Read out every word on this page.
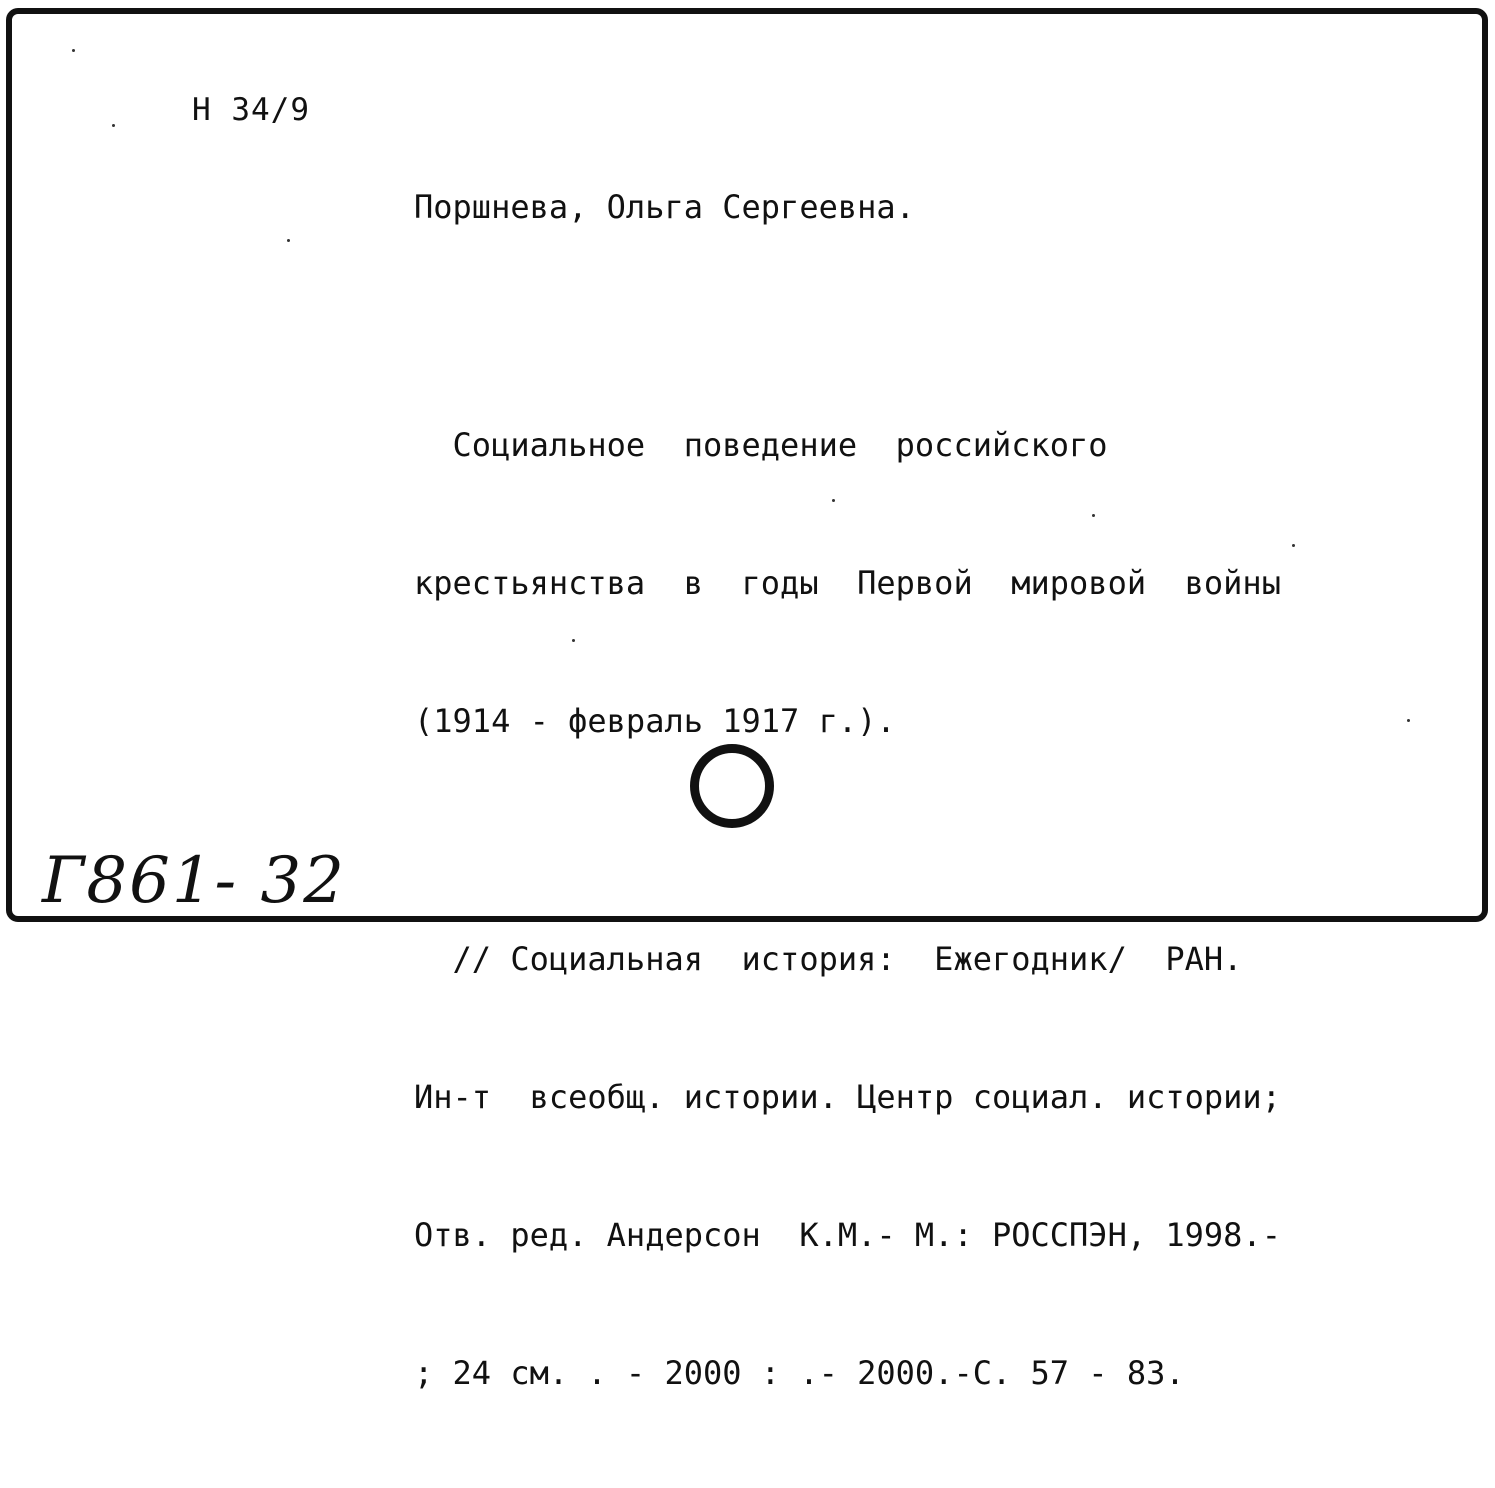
Н 34/9

Поршнева, Ольга Сергеевна.

Социальное  поведение  российского

крестьянства  в  годы  Первой  мировой  войны

(1914 - февраль 1917 г.).

// Социальная  история:  Ежегодник/  РАН.

Ин-т  всеобщ. истории. Центр социал. истории;

Отв. ред. Андерсон  К.М.- М.: РОССПЭН, 1998.-

; 24 см. . - 2000 : .- 2000.-С. 57 - 83.

Г861- 32
